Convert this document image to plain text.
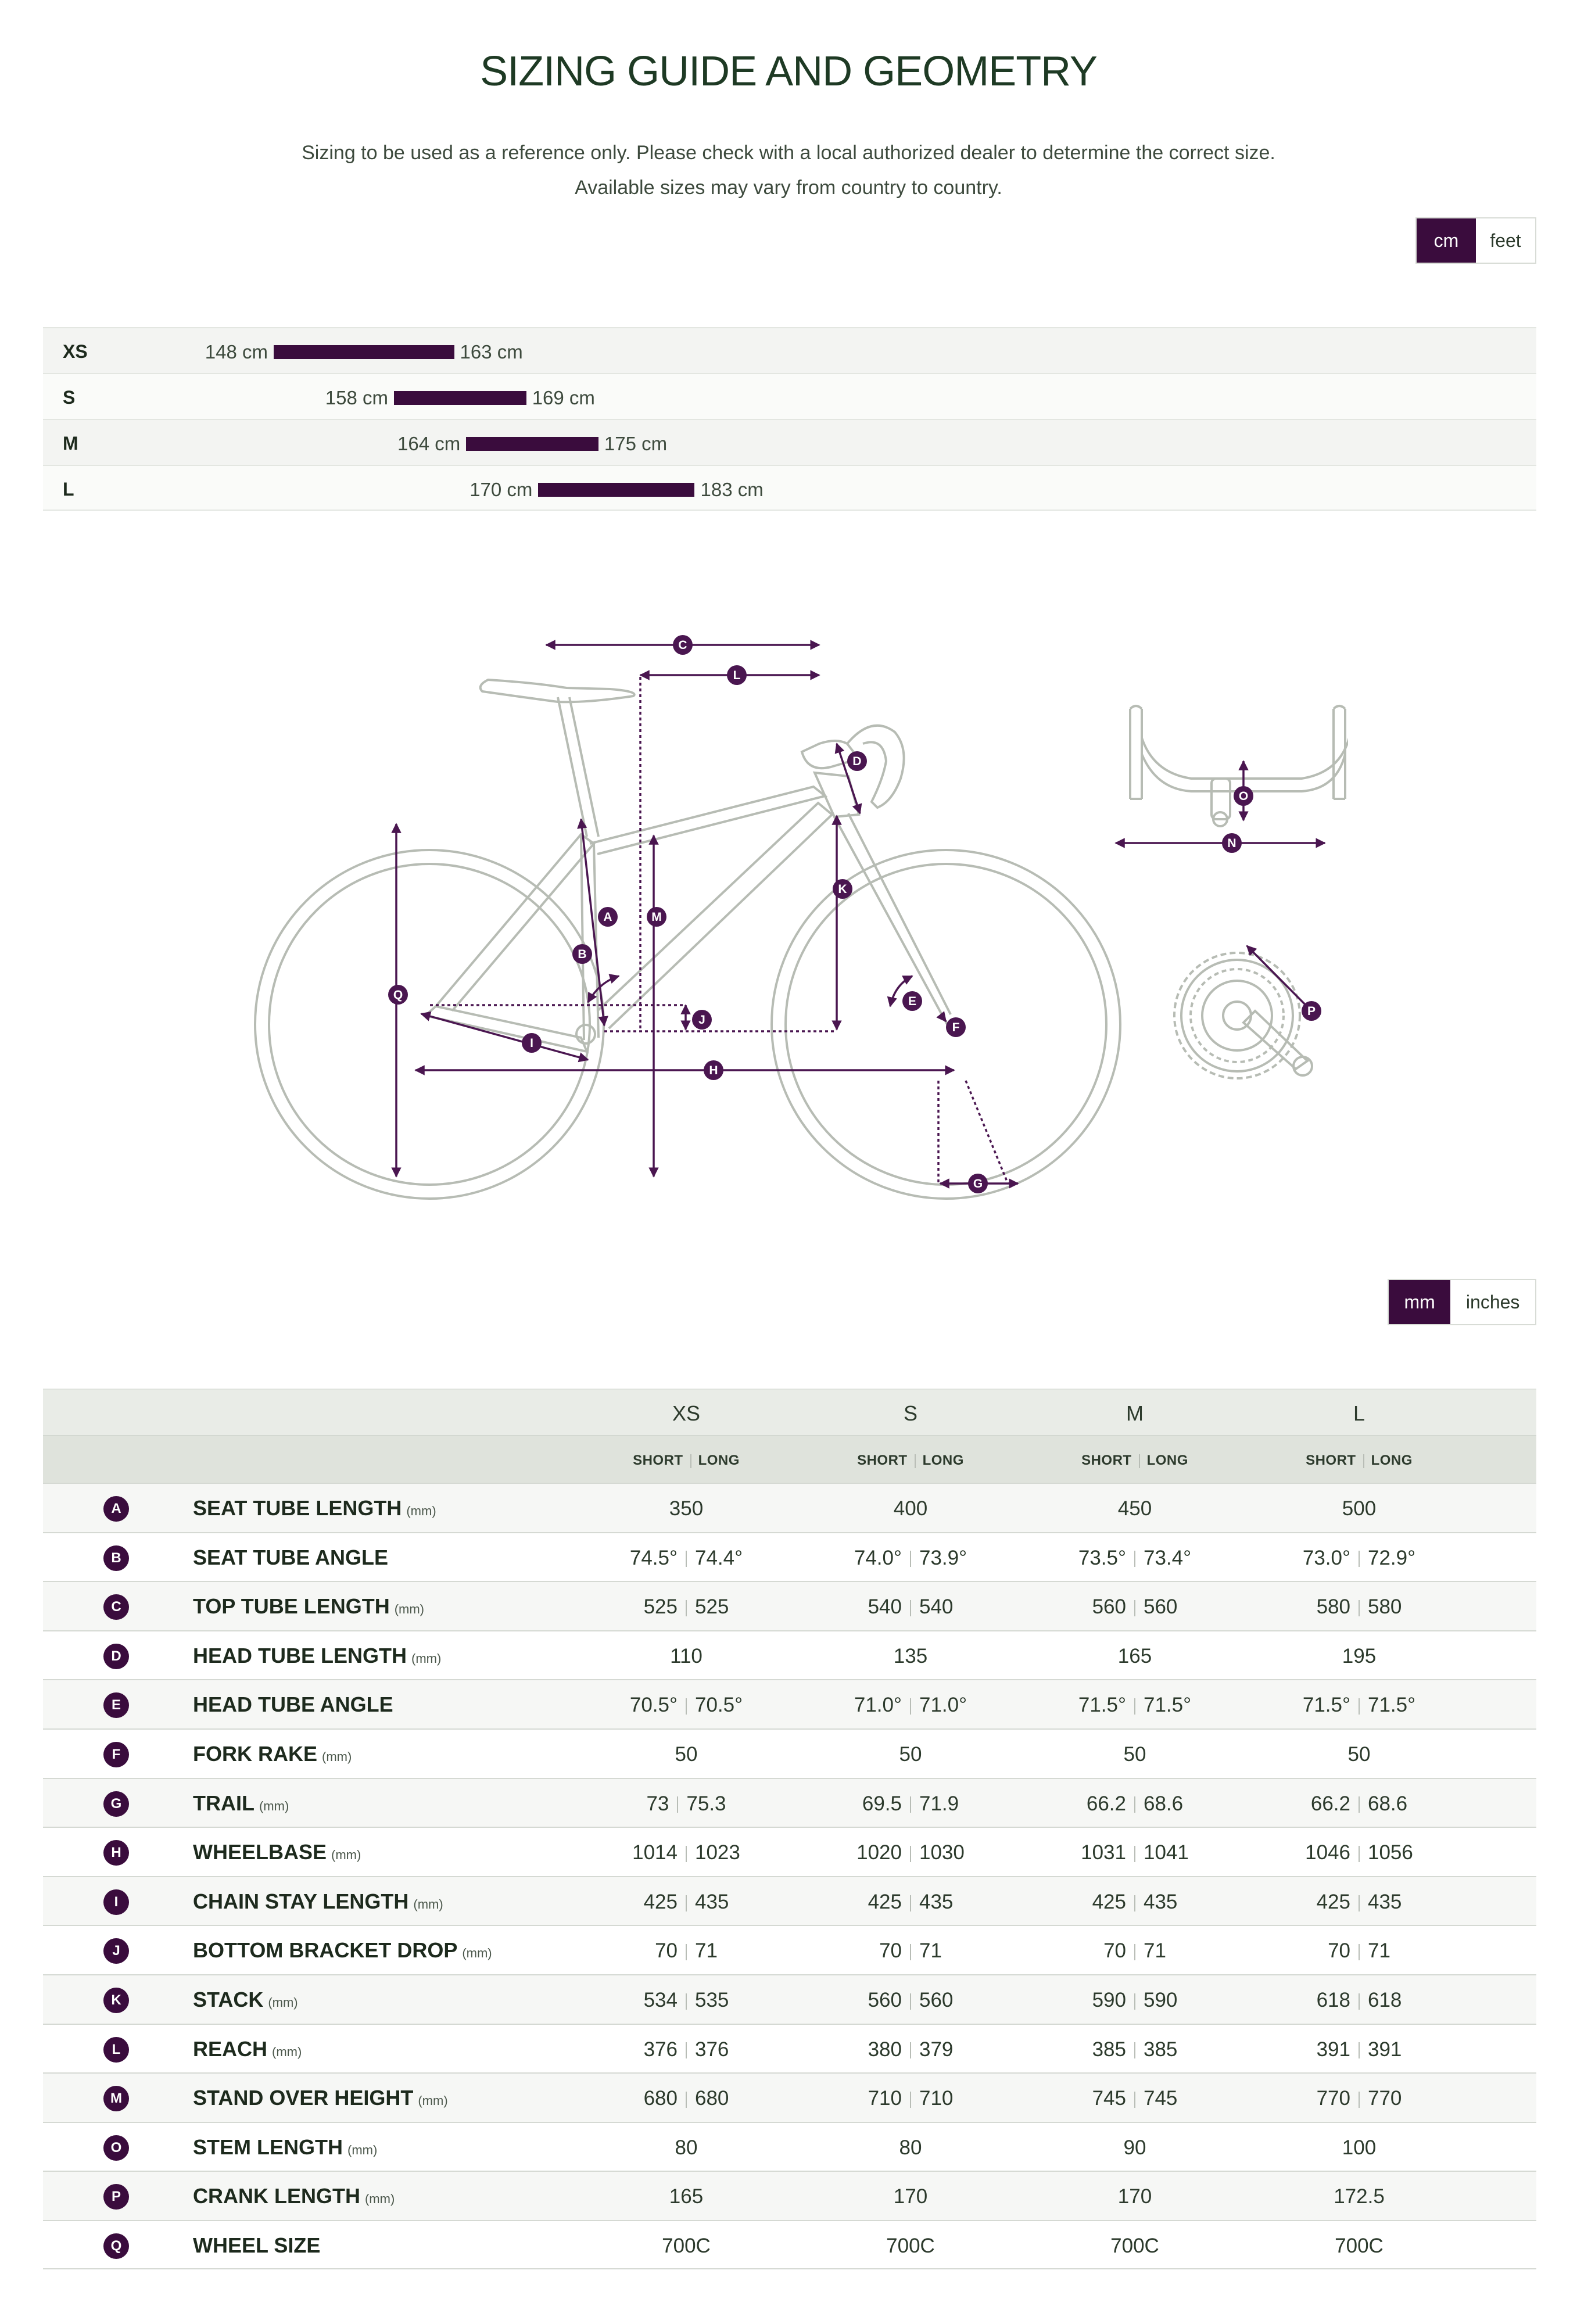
SIZING GUIDE AND GEOMETRY

Sizing to be used as a reference only. Please check with a local authorized dealer to determine the correct size.

Available sizes may vary from country to country.

cm	feet
XS	148 cm	163 cm
S	158 cm	169 cm
M	164 cm	175 cm
L	170 cm	183 cm
A
B
C
D
E
F
G
H
I
J
K
L
M
N
O
P
Q
mm	inches
XS	S	M	L
SHORT LONG	SHORT LONG	SHORT LONG	SHORT LONG
A	SEAT TUBE LENGTH (mm)	350	400	450	500
B	SEAT TUBE ANGLE	74.5° 74.4°	74.0° 73.9°	73.5° 73.4°	73.0° 72.9°
C	TOP TUBE LENGTH (mm)	525 525	540 540	560 560	580 580
D	HEAD TUBE LENGTH (mm)	110	135	165	195
E	HEAD TUBE ANGLE	70.5° 70.5°	71.0° 71.0°	71.5° 71.5°	71.5° 71.5°
F	FORK RAKE (mm)	50	50	50	50
G	TRAIL (mm)	73 75.3	69.5 71.9	66.2 68.6	66.2 68.6
H	WHEELBASE (mm)	1014 1023	1020 1030	1031 1041	1046 1056
I	CHAIN STAY LENGTH (mm)	425 435	425 435	425 435	425 435
J	BOTTOM BRACKET DROP (mm)	70 71	70 71	70 71	70 71
K	STACK (mm)	534 535	560 560	590 590	618 618
L	REACH (mm)	376 376	380 379	385 385	391 391
M	STAND OVER HEIGHT (mm)	680 680	710 710	745 745	770 770
O	STEM LENGTH (mm)	80	80	90	100
P	CRANK LENGTH (mm)	165	170	170	172.5
Q	WHEEL SIZE	700C	700C	700C	700C
